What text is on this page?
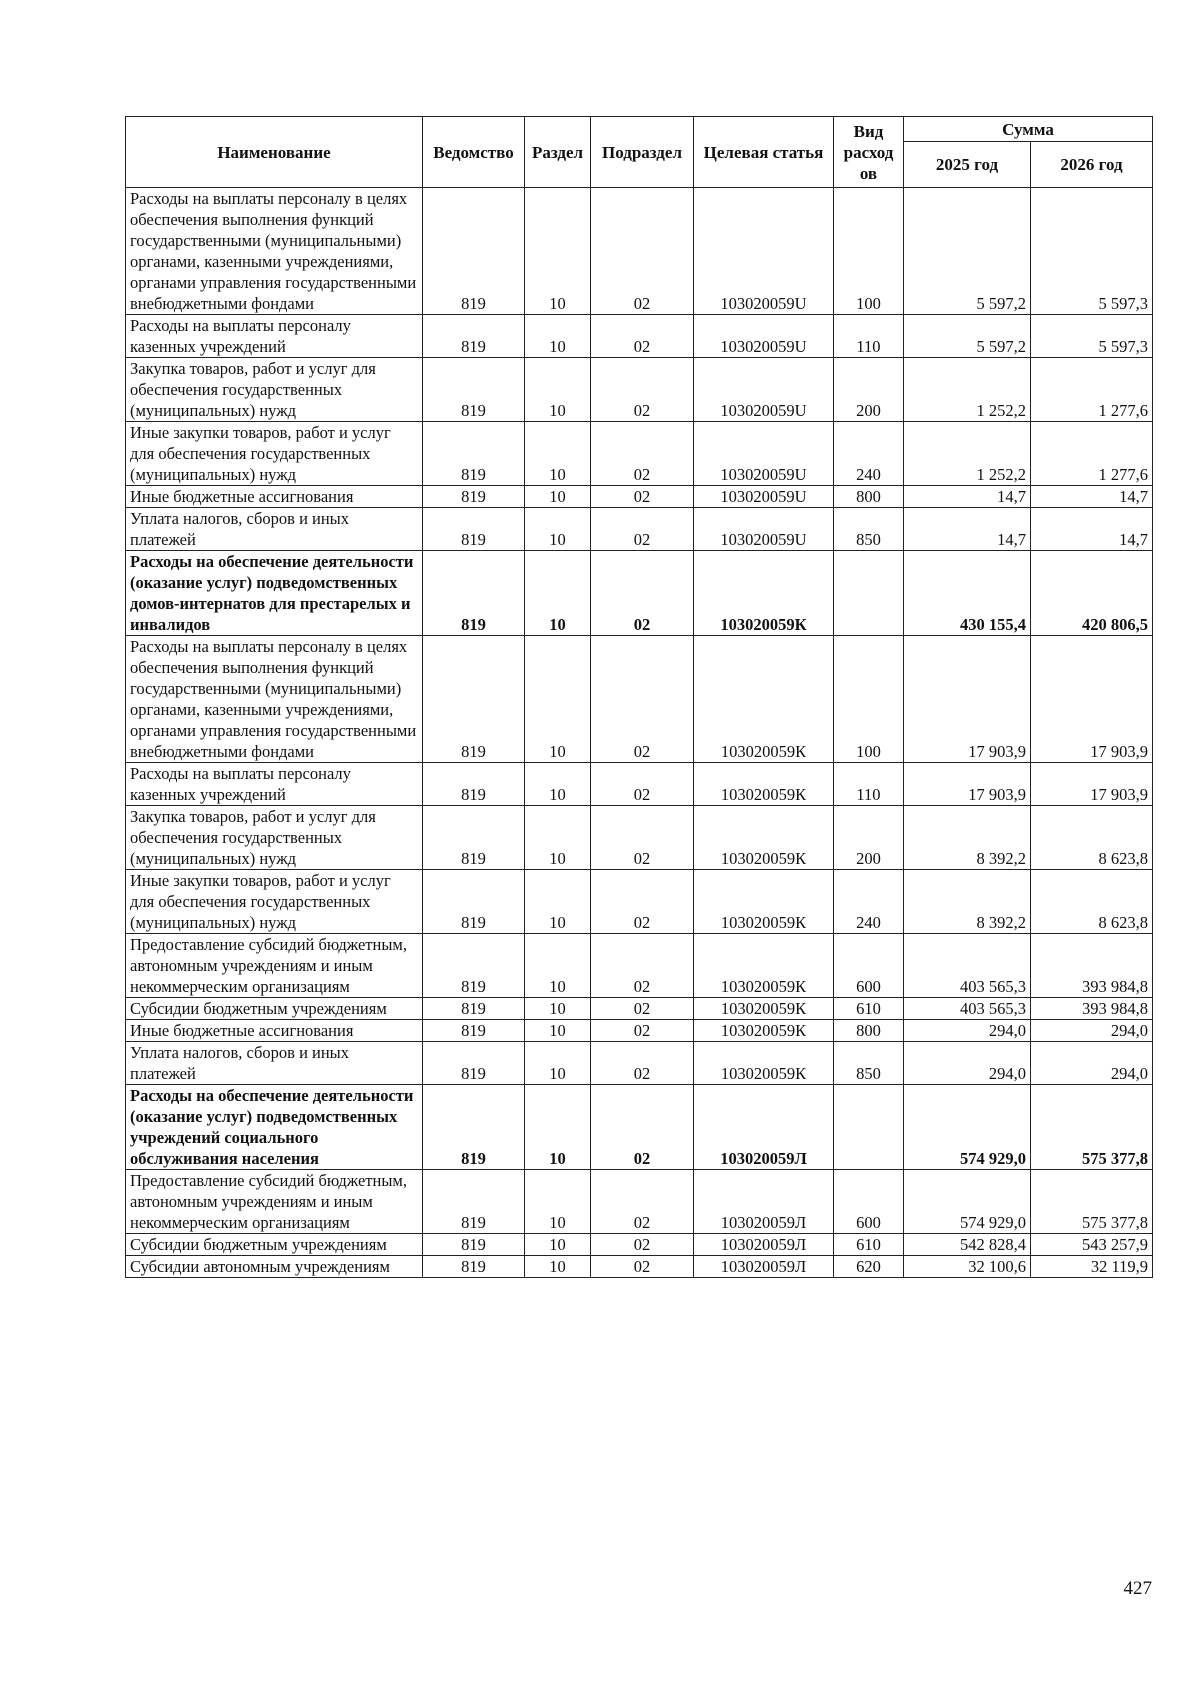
Наименование	Ведомство	Раздел	Подраздел	Целевая статья	Вид расход ов	Сумма	
						2025 год	2026 год
Расходы на выплаты персоналу в целях обеспечения выполнения функций государственными (муниципальными) органами, казенными учреждениями, органами управления государственными внебюджетными фондами	819	10	02	103020059U	100	5 597,2	5 597,3
Расходы на выплаты персоналу казенных учреждений	819	10	02	103020059U	110	5 597,2	5 597,3
Закупка товаров, работ и услуг для обеспечения государственных (муниципальных) нужд	819	10	02	103020059U	200	1 252,2	1 277,6
Иные закупки товаров, работ и услуг для обеспечения государственных (муниципальных) нужд	819	10	02	103020059U	240	1 252,2	1 277,6
Иные бюджетные ассигнования	819	10	02	103020059U	800	14,7	14,7
Уплата налогов, сборов и иных платежей	819	10	02	103020059U	850	14,7	14,7
Расходы на обеспечение деятельности (оказание услуг) подведомственных домов-интернатов для престарелых и инвалидов	819	10	02	103020059К		430 155,4	420 806,5
Расходы на выплаты персоналу в целях обеспечения выполнения функций государственными (муниципальными) органами, казенными учреждениями, органами управления государственными внебюджетными фондами	819	10	02	103020059К	100	17 903,9	17 903,9
Расходы на выплаты персоналу казенных учреждений	819	10	02	103020059К	110	17 903,9	17 903,9
Закупка товаров, работ и услуг для обеспечения государственных (муниципальных) нужд	819	10	02	103020059К	200	8 392,2	8 623,8
Иные закупки товаров, работ и услуг для обеспечения государственных (муниципальных) нужд	819	10	02	103020059К	240	8 392,2	8 623,8
Предоставление субсидий бюджетным, автономным учреждениям и иным некоммерческим организациям	819	10	02	103020059К	600	403 565,3	393 984,8
Субсидии бюджетным учреждениям	819	10	02	103020059К	610	403 565,3	393 984,8
Иные бюджетные ассигнования	819	10	02	103020059К	800	294,0	294,0
Уплата налогов, сборов и иных платежей	819	10	02	103020059К	850	294,0	294,0
Расходы на обеспечение деятельности (оказание услуг) подведомственных учреждений социального обслуживания населения	819	10	02	103020059Л		574 929,0	575 377,8
Предоставление субсидий бюджетным, автономным учреждениям и иным некоммерческим организациям	819	10	02	103020059Л	600	574 929,0	575 377,8
Субсидии бюджетным учреждениям	819	10	02	103020059Л	610	542 828,4	543 257,9
Субсидии автономным учреждениям	819	10	02	103020059Л	620	32 100,6	32 119,9
427
